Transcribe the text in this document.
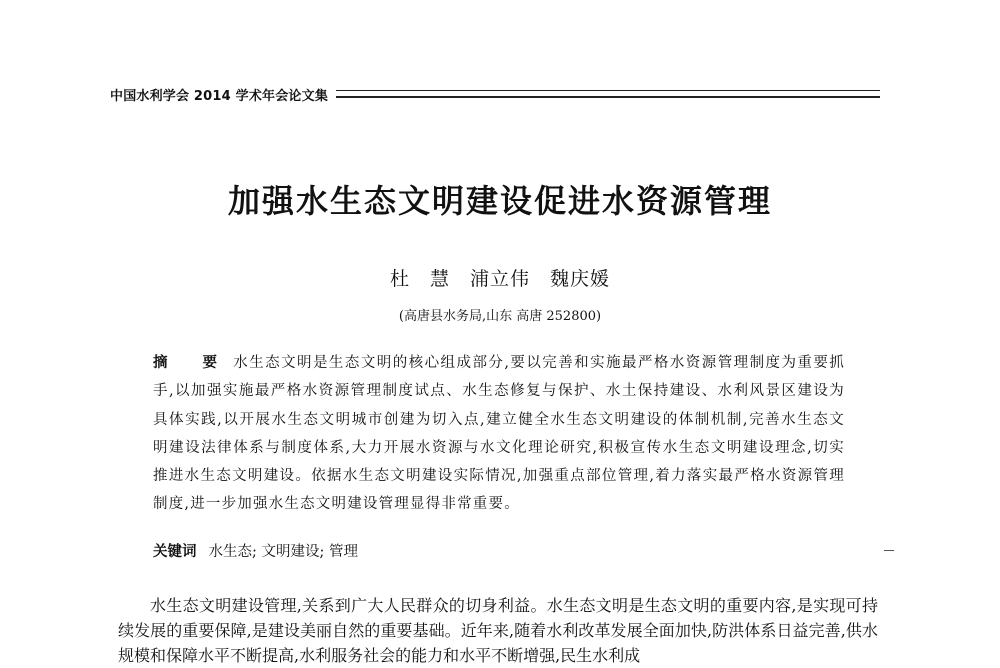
中国水利学会 2014 学术年会论文集
加强水生态文明建设促进水资源管理
杜　慧　浦立伟　魏庆媛
(高唐县水务局,山东 高唐 252800)
摘　要 水生态文明是生态文明的核心组成部分,要以完善和实施最严格水资源管理制度为重要抓手,以加强实施最严格水资源管理制度试点、水生态修复与保护、水土保持建设、水利风景区建设为具体实践,以开展水生态文明城市创建为切入点,建立健全水生态文明建设的体制机制,完善水生态文明建设法律体系与制度体系,大力开展水资源与水文化理论研究,积极宣传水生态文明建设理念,切实推进水生态文明建设。依据水生态文明建设实际情况,加强重点部位管理,着力落实最严格水资源管理制度,进一步加强水生态文明建设管理显得非常重要。
关键词 水生态; 文明建设; 管理
水生态文明建设管理,关系到广大人民群众的切身利益。水生态文明是生态文明的重要内容,是实现可持续发展的重要保障,是建设美丽自然的重要基础。近年来,随着水利改革发展全面加快,防洪体系日益完善,供水规模和保障水平不断提高,水利服务社会的能力和水平不断增强,民生水利成
